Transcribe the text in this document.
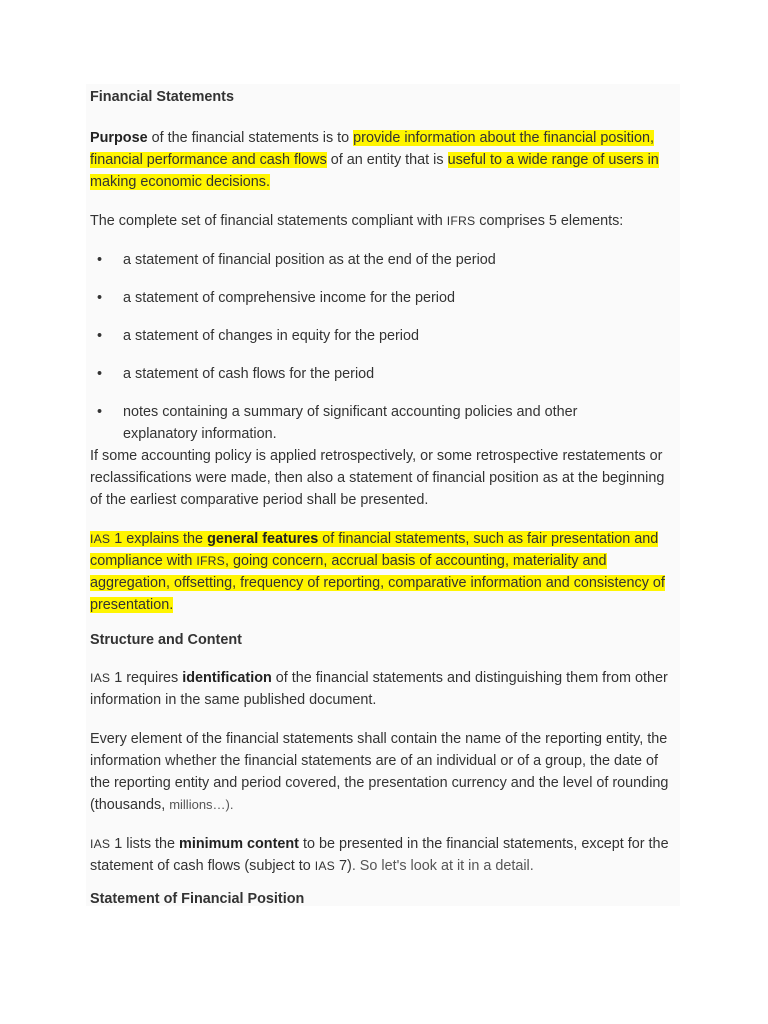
Financial Statements

Purpose of the financial statements is to provide information about the financial position, financial performance and cash flows of an entity that is useful to a wide range of users in making economic decisions.

The complete set of financial statements compliant with IFRS comprises 5 elements:

• a statement of financial position as at the end of the period
• a statement of comprehensive income for the period
• a statement of changes in equity for the period
• a statement of cash flows for the period
• notes containing a summary of significant accounting policies and other explanatory information.

If some accounting policy is applied retrospectively, or some retrospective restatements or reclassifications were made, then also a statement of financial position as at the beginning of the earliest comparative period shall be presented.

IAS 1 explains the general features of financial statements, such as fair presentation and compliance with IFRS, going concern, accrual basis of accounting, materiality and aggregation, offsetting, frequency of reporting, comparative information and consistency of presentation.

Structure and Content

IAS 1 requires identification of the financial statements and distinguishing them from other information in the same published document.

Every element of the financial statements shall contain the name of the reporting entity, the information whether the financial statements are of an individual or of a group, the date of the reporting entity and period covered, the presentation currency and the level of rounding (thousands, millions…).

IAS 1 lists the minimum content to be presented in the financial statements, except for the statement of cash flows (subject to IAS 7). So let's look at it in a detail.

Statement of Financial Position
